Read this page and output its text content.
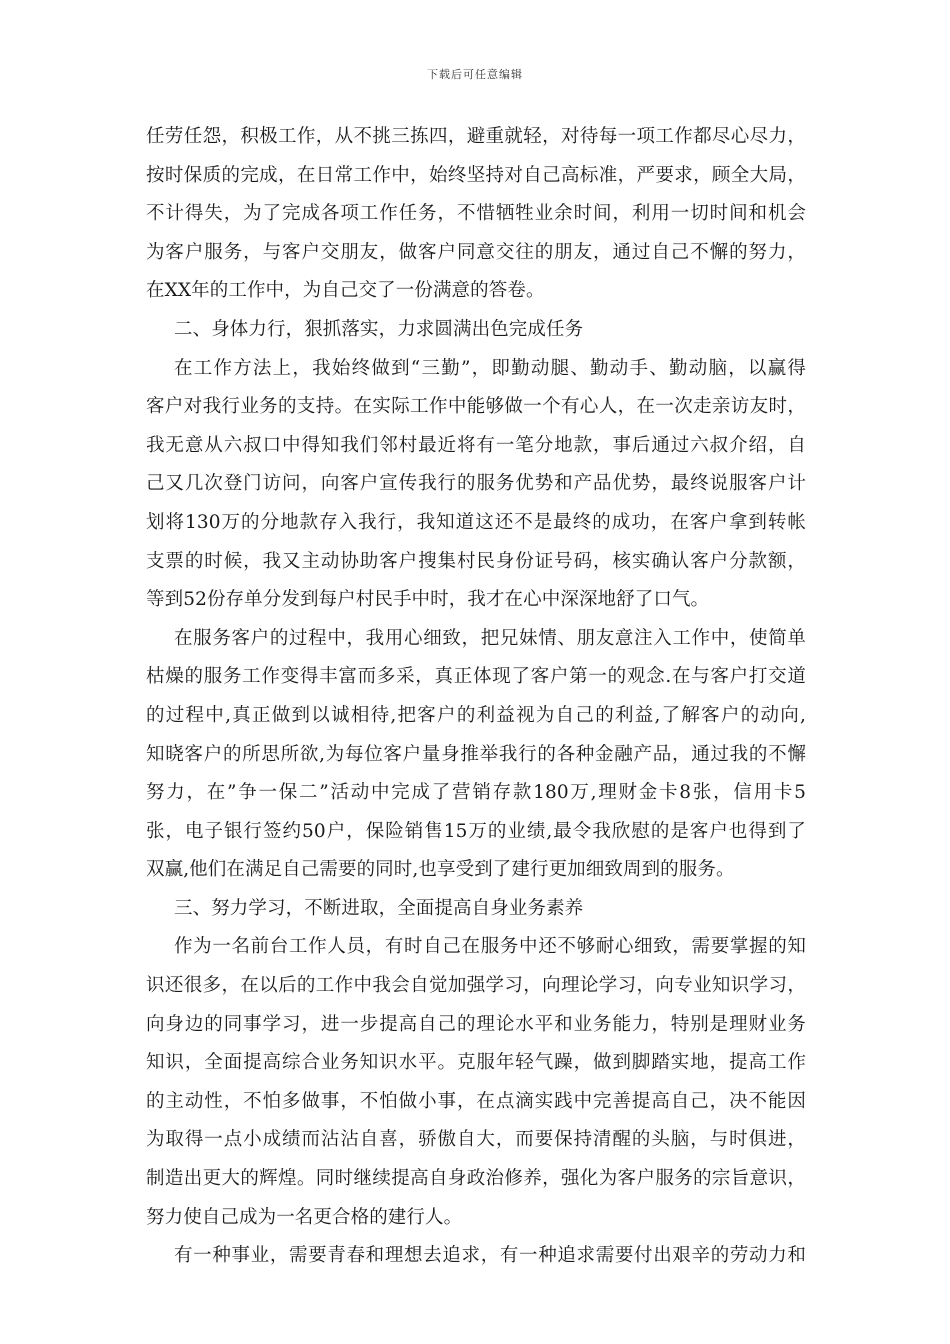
下载后可任意编辑
任劳任怨，积极工作，从不挑三拣四，避重就轻，对待每一项工作都尽心尽力，
按时保质的完成，在日常工作中，始终坚持对自己高标准，严要求，顾全大局，
不计得失，为了完成各项工作任务，不惜牺牲业余时间，利用一切时间和机会
为客户服务，与客户交朋友，做客户同意交往的朋友，通过自己不懈的努力，
在XX年的工作中，为自己交了一份满意的答卷。
二、身体力行，狠抓落实，力求圆满出色完成任务
在工作方法上，我始终做到“三勤”，即勤动腿、勤动手、勤动脑，以赢得
客户对我行业务的支持。在实际工作中能够做一个有心人，在一次走亲访友时，
我无意从六叔口中得知我们邻村最近将有一笔分地款，事后通过六叔介绍，自
己又几次登门访问，向客户宣传我行的服务优势和产品优势，最终说服客户计
划将130万的分地款存入我行，我知道这还不是最终的成功，在客户拿到转帐
支票的时候，我又主动协助客户搜集村民身份证号码，核实确认客户分款额，
等到52份存单分发到每户村民手中时，我才在心中深深地舒了口气。
在服务客户的过程中，我用心细致，把兄妹情、朋友意注入工作中，使简单
枯燥的服务工作变得丰富而多采，真正体现了客户第一的观念.在与客户打交道
的过程中,真正做到以诚相待,把客户的利益视为自己的利益,了解客户的动向,
知晓客户的所思所欲,为每位客户量身推举我行的各种金融产品，通过我的不懈
努力，在”争一保二”活动中完成了营销存款180万,理财金卡8张，信用卡5
张，电子银行签约50户，保险销售15万的业绩,最令我欣慰的是客户也得到了
双赢,他们在满足自己需要的同时,也享受到了建行更加细致周到的服务。
三、努力学习，不断进取，全面提高自身业务素养
作为一名前台工作人员，有时自己在服务中还不够耐心细致，需要掌握的知
识还很多，在以后的工作中我会自觉加强学习，向理论学习，向专业知识学习，
向身边的同事学习，进一步提高自己的理论水平和业务能力，特别是理财业务
知识，全面提高综合业务知识水平。克服年轻气躁，做到脚踏实地，提高工作
的主动性，不怕多做事，不怕做小事，在点滴实践中完善提高自己，决不能因
为取得一点小成绩而沾沾自喜，骄傲自大，而要保持清醒的头脑，与时俱进，
制造出更大的辉煌。同时继续提高自身政治修养，强化为客户服务的宗旨意识，
努力使自己成为一名更合格的建行人。
有一种事业，需要青春和理想去追求，有一种追求需要付出艰辛的劳动力和
